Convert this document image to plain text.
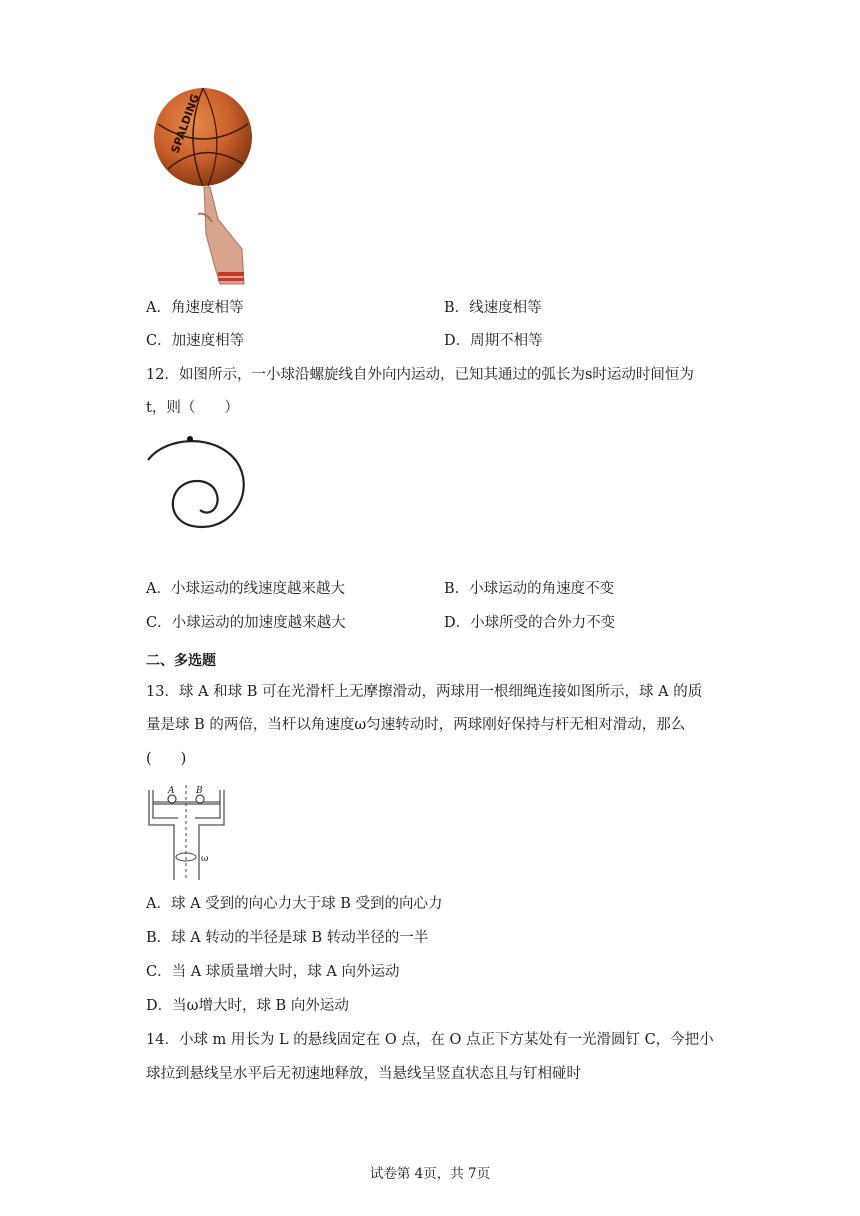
SPALDING
A．角速度相等	B．线速度相等
C．加速度相等	D．周期不相等
12．如图所示，一小球沿螺旋线自外向内运动，已知其通过的弧长为s时运动时间恒为
t，则（　　）
A．小球运动的线速度越来越大	B．小球运动的角速度不变
C．小球运动的加速度越来越大	D．小球所受的合外力不变
二、多选题
13．球 A 和球 B 可在光滑杆上无摩擦滑动，两球用一根细绳连接如图所示，球 A 的质
量是球 B 的两倍，当杆以角速度ω匀速转动时，两球刚好保持与杆无相对滑动，那么
(　　)
A B
ω
A．球 A 受到的向心力大于球 B 受到的向心力
B．球 A 转动的半径是球 B 转动半径的一半
C．当 A 球质量增大时，球 A 向外运动
D．当ω增大时，球 B 向外运动
14．小球 m 用长为 L 的悬线固定在 O 点，在 O 点正下方某处有一光滑圆钉 C，今把小
球拉到悬线呈水平后无初速地释放，当悬线呈竖直状态且与钉相碰时
试卷第 4页，共 7页
